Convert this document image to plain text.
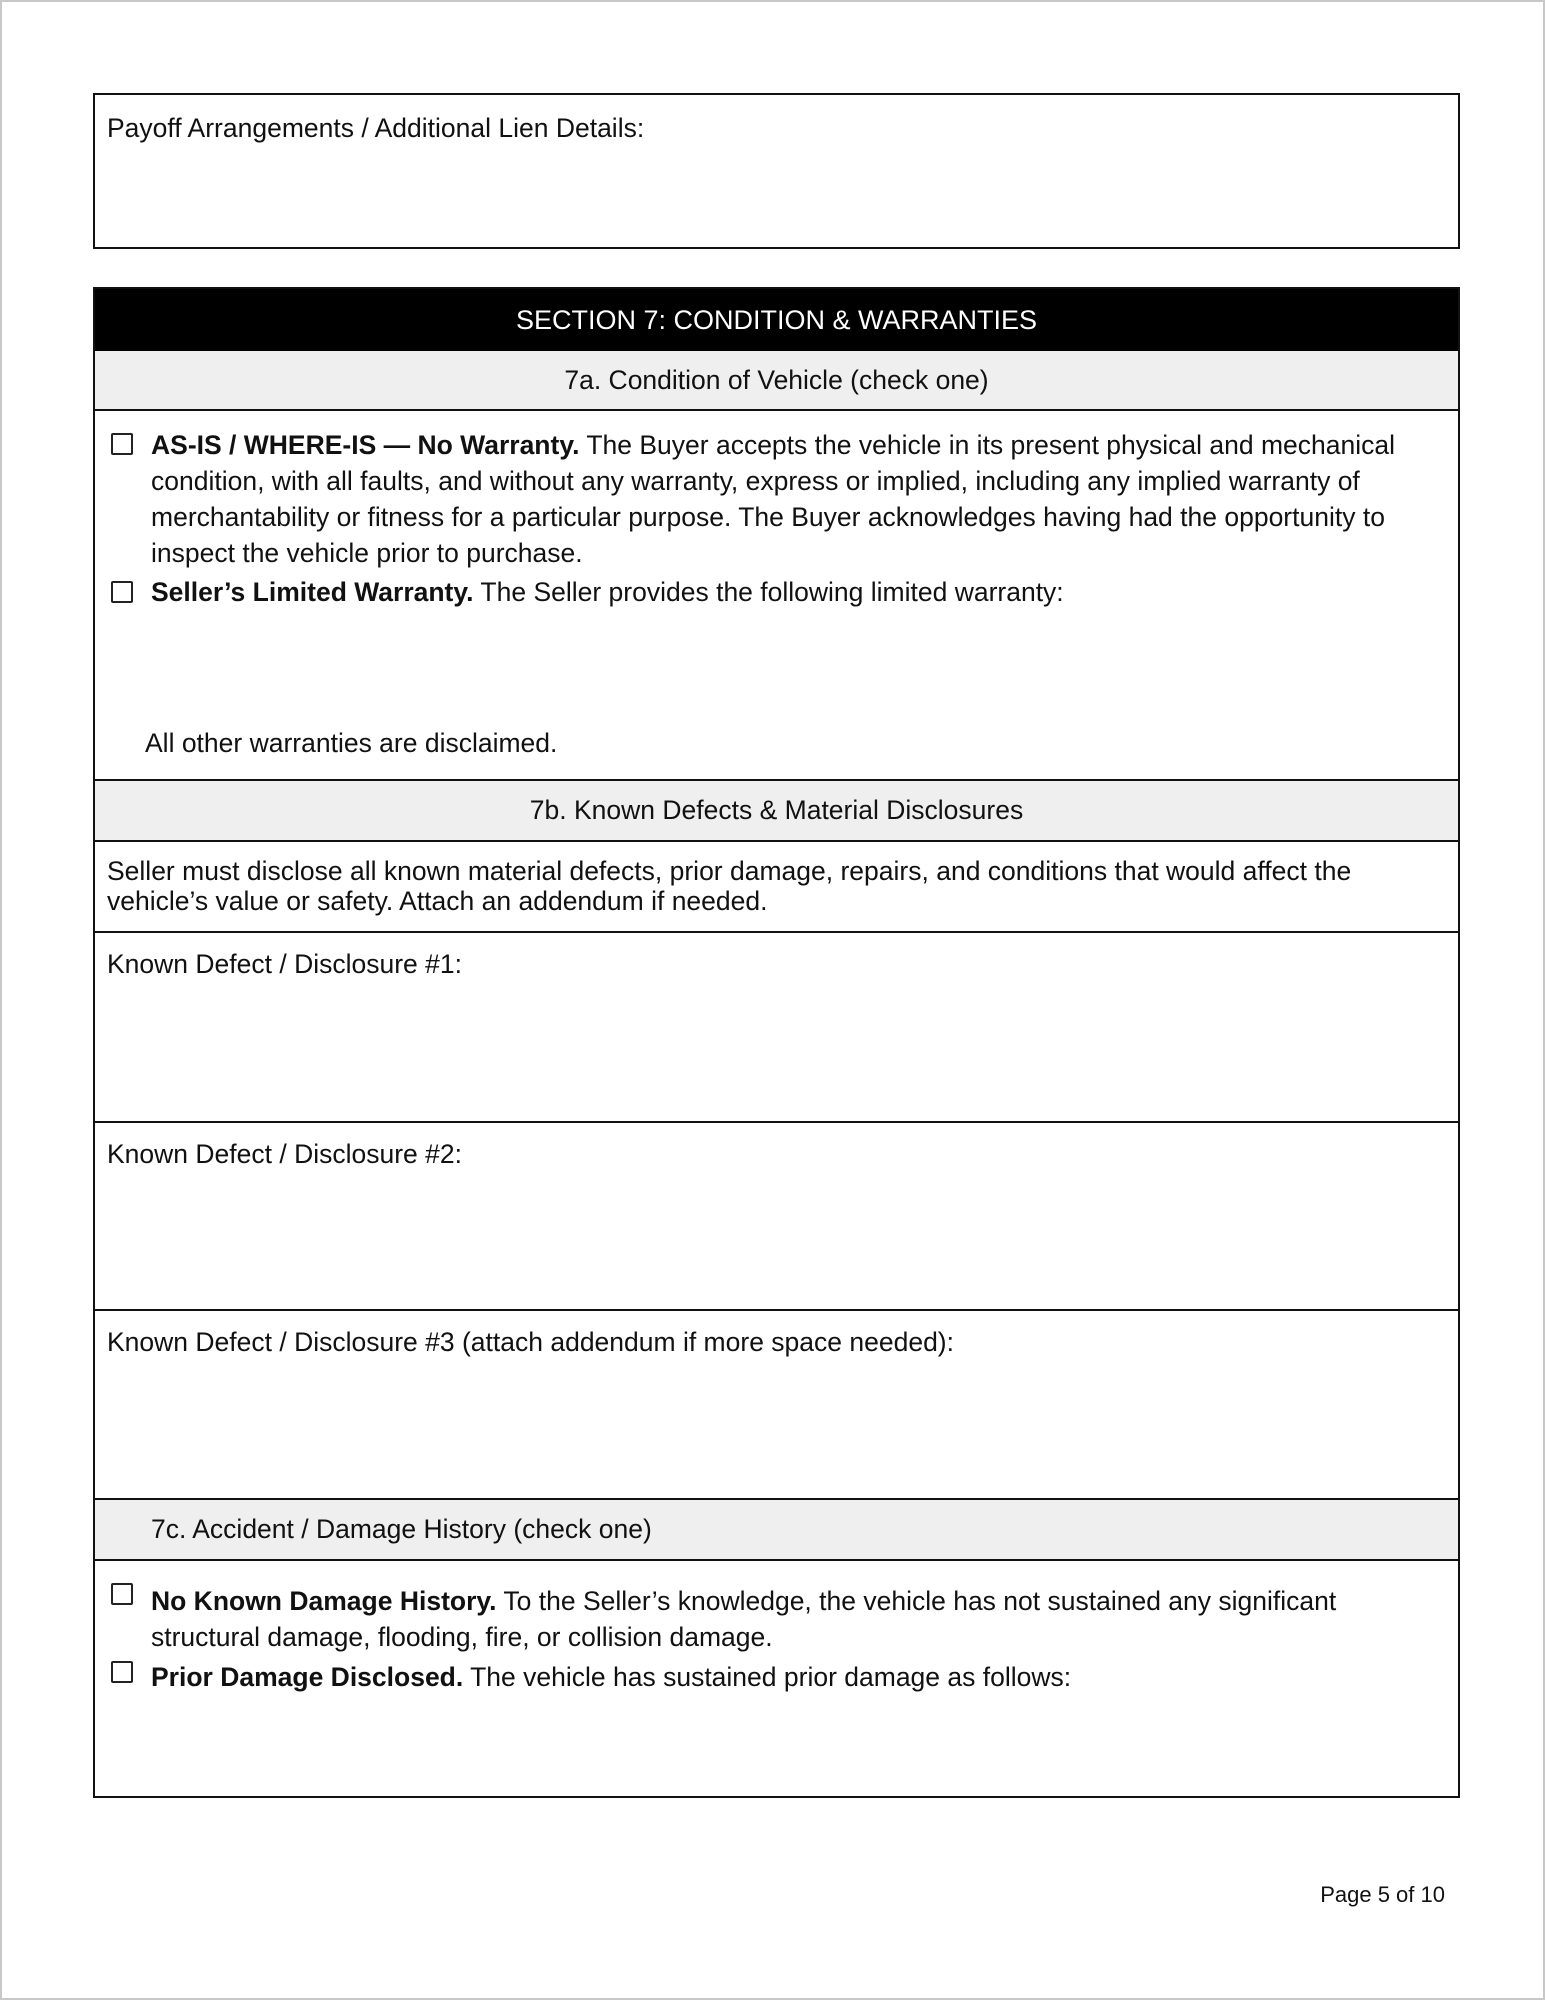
Payoff Arrangements / Additional Lien Details:
SECTION 7: CONDITION & WARRANTIES
7a. Condition of Vehicle (check one)
AS-IS / WHERE-IS — No Warranty. The Buyer accepts the vehicle in its present physical and mechanical condition, with all faults, and without any warranty, express or implied, including any implied warranty of merchantability or fitness for a particular purpose. The Buyer acknowledges having had the opportunity to inspect the vehicle prior to purchase.
Seller’s Limited Warranty. The Seller provides the following limited warranty:
All other warranties are disclaimed.
7b. Known Defects & Material Disclosures
Seller must disclose all known material defects, prior damage, repairs, and conditions that would affect the vehicle’s value or safety. Attach an addendum if needed.
Known Defect / Disclosure #1:
Known Defect / Disclosure #2:
Known Defect / Disclosure #3 (attach addendum if more space needed):
7c. Accident / Damage History (check one)
No Known Damage History. To the Seller’s knowledge, the vehicle has not sustained any significant structural damage, flooding, fire, or collision damage.
Prior Damage Disclosed. The vehicle has sustained prior damage as follows:
Page 5 of 10
